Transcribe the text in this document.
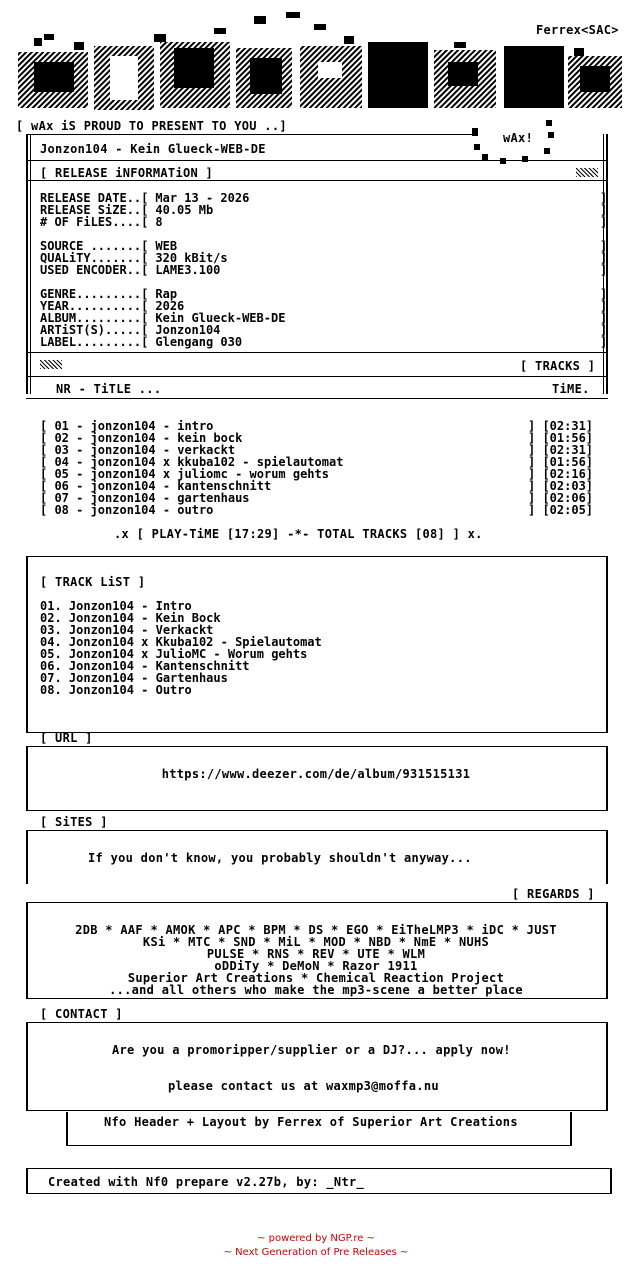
Ferrex<SAC>
[ wAx iS PROUD TO PRESENT TO YOU ..]
wAx!
Jonzon104 - Kein Glueck-WEB-DE
[ RELEASE iNFORMATiON ]
RELEASE DATE..[ Mar 13 - 2026	]
RELEASE SiZE..[ 40.05 Mb	]
# OF FiLES....[ 8	]
SOURCE .......[ WEB	]
QUALiTY.......[ 320 kBit/s	]
USED ENCODER..[ LAME3.100	]
GENRE.........[ Rap	]
YEAR..........[ 2026	]
ALBUM.........[ Kein Glueck-WEB-DE	]
ARTiST(S).....[ Jonzon104	]
LABEL.........[ Glengang 030	]
[ TRACKS ]
NR - TiTLE ...	TiME.
[ 01 - jonzon104 - intro	] [02:31]
[ 02 - jonzon104 - kein bock	] [01:56]
[ 03 - jonzon104 - verkackt	] [02:31]
[ 04 - jonzon104 x kkuba102 - spielautomat	] [01:56]
[ 05 - jonzon104 x juliomc - worum gehts	] [02:16]
[ 06 - jonzon104 - kantenschnitt	] [02:03]
[ 07 - jonzon104 - gartenhaus	] [02:06]
[ 08 - jonzon104 - outro	] [02:05]
.x [ PLAY-TiME [17:29] -*- TOTAL TRACKS [08] ] x.
[ TRACK LiST ]
01. Jonzon104 - Intro
02. Jonzon104 - Kein Bock
03. Jonzon104 - Verkackt
04. Jonzon104 x Kkuba102 - Spielautomat
05. Jonzon104 x JulioMC - Worum gehts
06. Jonzon104 - Kantenschnitt
07. Jonzon104 - Gartenhaus
08. Jonzon104 - Outro
[ URL ]
https://www.deezer.com/de/album/931515131
[ SiTES ]
If you don't know, you probably shouldn't anyway...
[ REGARDS ]
2DB * AAF * AMOK * APC * BPM * DS * EGO * EiTheLMP3 * iDC * JUST
KSi * MTC * SND * MiL * MOD * NBD * NmE * NUHS
PULSE * RNS * REV * UTE * WLM
oDDiTy * DeMoN * Razor 1911
Superior Art Creations * Chemical Reaction Project
...and all others who make the mp3-scene a better place
[ CONTACT ]
Are you a promoripper/supplier or a DJ?... apply now!
please contact us at waxmp3@moffa.nu
Nfo Header + Layout by Ferrex of Superior Art Creations
Created with Nf0 prepare v2.27b, by: _Ntr_
~ powered by NGP.re ~
~ Next Generation of Pre Releases ~
